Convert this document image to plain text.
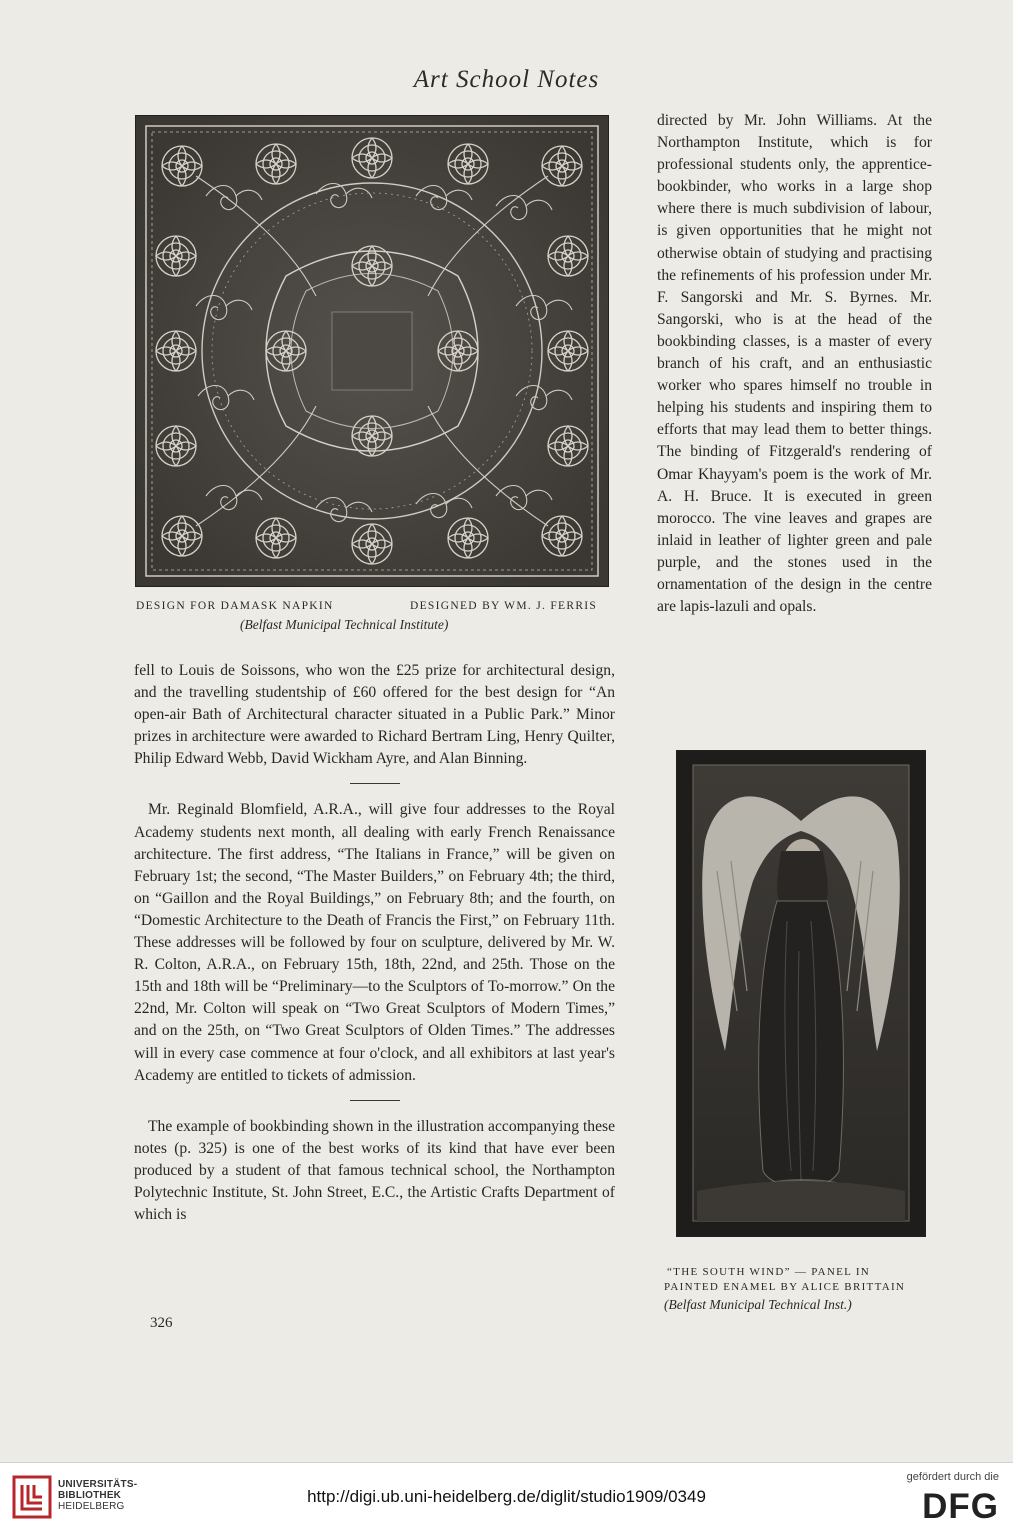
Art School Notes
DESIGN FOR DAMASK NAPKIN	DESIGNED BY WM. J. FERRIS
(Belfast Municipal Technical Institute)

directed by Mr. John Williams. At the Northampton Institute, which is for professional students only, the apprentice-bookbinder, who works in a large shop where there is much subdivision of labour, is given opportunities that he might not otherwise obtain of studying and practising the refinements of his profession under Mr. F. Sangorski and Mr. S. Byrnes. Mr. Sangorski, who is at the head of the bookbinding classes, is a master of every branch of his craft, and an enthusiastic worker who spares himself no trouble in helping his students and inspiring them to efforts that may lead them to better things. The binding of Fitzgerald's rendering of Omar Khayyam's poem is the work of Mr. A. H. Bruce. It is executed in green morocco. The vine leaves and grapes are inlaid in leather of lighter green and pale purple, and the stones used in the ornamentation of the design in the centre are lapis-lazuli and opals.

“THE SOUTH WIND” — PANEL IN
PAINTED ENAMEL BY ALICE BRITTAIN
(Belfast Municipal Technical Inst.)

fell to Louis de Soissons, who won the £25 prize for architectural design, and the travelling studentship of £60 offered for the best design for “An open-air Bath of Architectural character situated in a Public Park.” Minor prizes in architecture were awarded to Richard Bertram Ling, Henry Quilter, Philip Edward Webb, David Wickham Ayre, and Alan Binning.

Mr. Reginald Blomfield, A.R.A., will give four addresses to the Royal Academy students next month, all dealing with early French Renaissance architecture. The first address, “The Italians in France,” will be given on February 1st; the second, “The Master Builders,” on February 4th; the third, on “Gaillon and the Royal Buildings,” on February 8th; and the fourth, on “Domestic Architecture to the Death of Francis the First,” on February 11th. These addresses will be followed by four on sculpture, delivered by Mr. W. R. Colton, A.R.A., on February 15th, 18th, 22nd, and 25th. Those on the 15th and 18th will be “Preliminary—to the Sculptors of To-morrow.” On the 22nd, Mr. Colton will speak on “Two Great Sculptors of Modern Times,” and on the 25th, on “Two Great Sculptors of Olden Times.” The addresses will in every case commence at four o'clock, and all exhibitors at last year's Academy are entitled to tickets of admission.

The example of bookbinding shown in the illustration accompanying these notes (p. 325) is one of the best works of its kind that have ever been produced by a student of that famous technical school, the Northampton Polytechnic Institute, St. John Street, E.C., the Artistic Crafts Department of which is

326
UNIVERSITÄTS-
BIBLIOTHEK
HEIDELBERG
http://digi.ub.uni-heidelberg.de/diglit/studio1909/0349
gefördert durch die
DFG
